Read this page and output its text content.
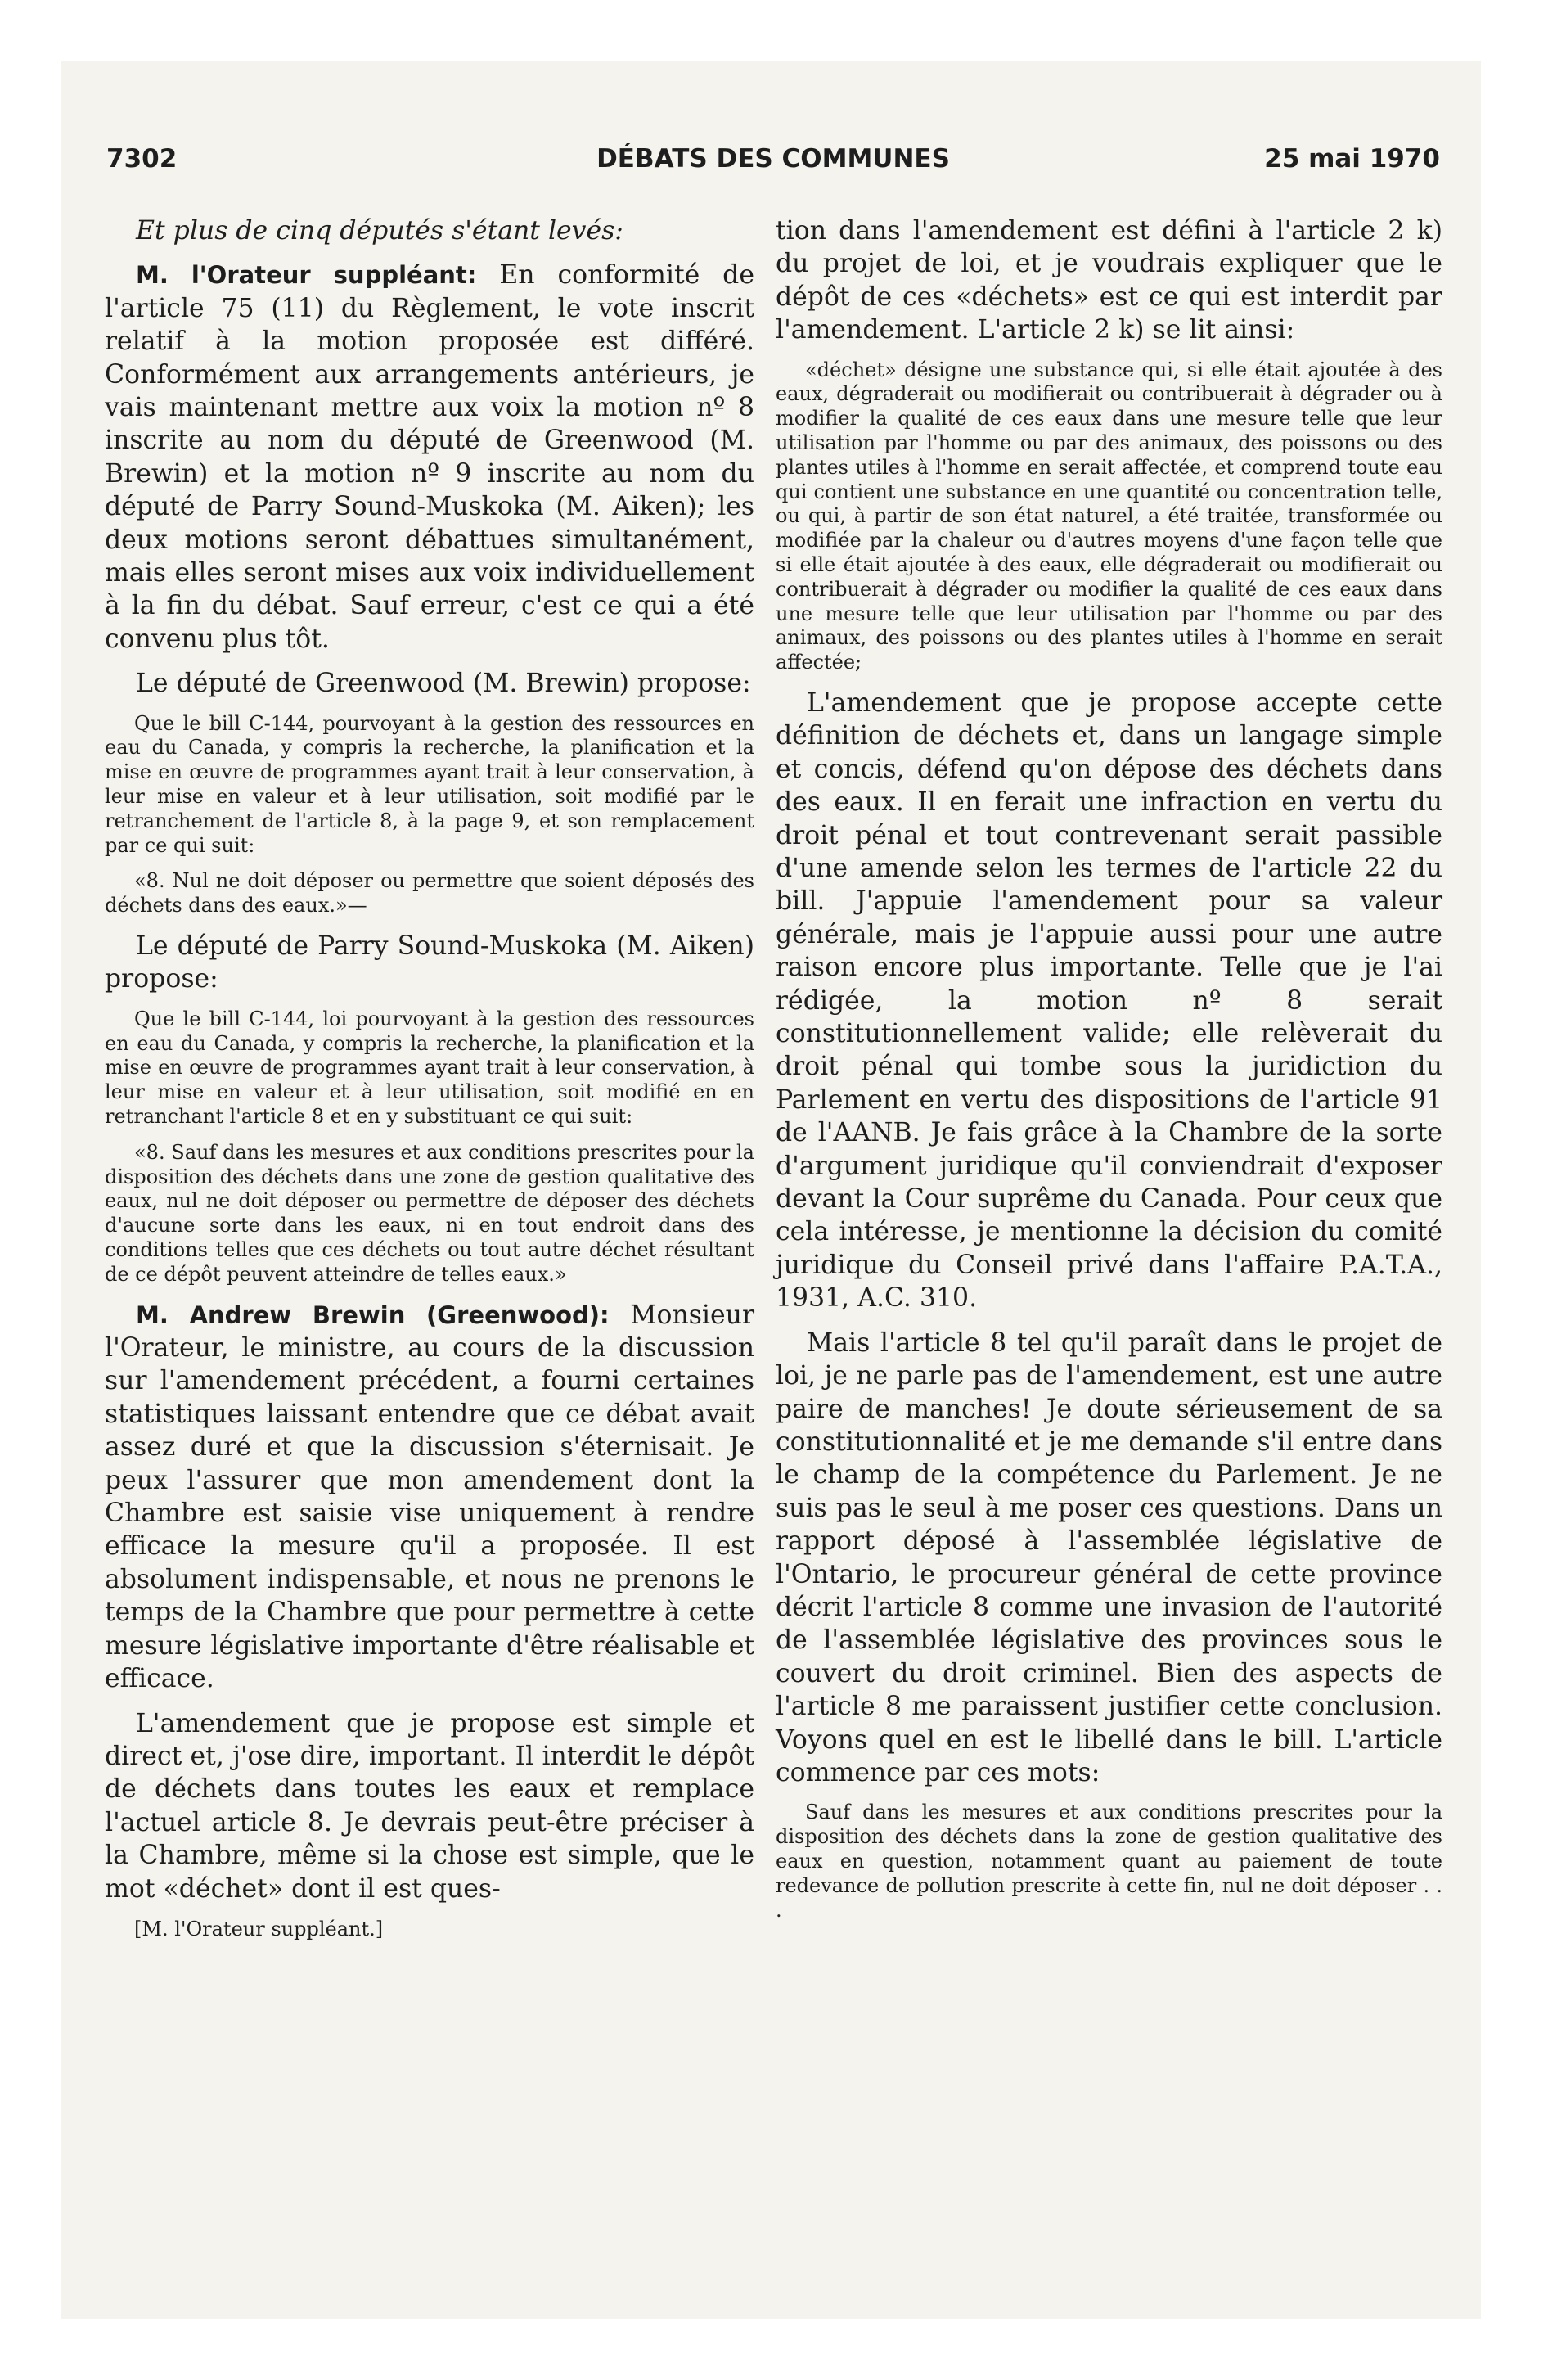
7302	DÉBATS DES COMMUNES	25 mai 1970

Et plus de cinq députés s'étant levés:

M. l'Orateur suppléant: En conformité de l'article 75 (11) du Règlement, le vote inscrit relatif à la motion proposée est différé. Conformément aux arrangements antérieurs, je vais maintenant mettre aux voix la motion nº 8 inscrite au nom du député de Greenwood (M. Brewin) et la motion nº 9 inscrite au nom du député de Parry Sound-Muskoka (M. Aiken); les deux motions seront débattues simultanément, mais elles seront mises aux voix individuellement à la fin du débat. Sauf erreur, c'est ce qui a été convenu plus tôt.

Le député de Greenwood (M. Brewin) propose:

Que le bill C-144, pourvoyant à la gestion des ressources en eau du Canada, y compris la recherche, la planification et la mise en œuvre de programmes ayant trait à leur conservation, à leur mise en valeur et à leur utilisation, soit modifié par le retranchement de l'article 8, à la page 9, et son remplacement par ce qui suit:
«8. Nul ne doit déposer ou permettre que soient déposés des déchets dans des eaux.»—

Le député de Parry Sound-Muskoka (M. Aiken) propose:

Que le bill C-144, loi pourvoyant à la gestion des ressources en eau du Canada, y compris la recherche, la planification et la mise en œuvre de programmes ayant trait à leur conservation, à leur mise en valeur et à leur utilisation, soit modifié en en retranchant l'article 8 et en y substituant ce qui suit:
«8. Sauf dans les mesures et aux conditions prescrites pour la disposition des déchets dans une zone de gestion qualitative des eaux, nul ne doit déposer ou permettre de déposer des déchets d'aucune sorte dans les eaux, ni en tout endroit dans des conditions telles que ces déchets ou tout autre déchet résultant de ce dépôt peuvent atteindre de telles eaux.»

M. Andrew Brewin (Greenwood): Monsieur l'Orateur, le ministre, au cours de la discussion sur l'amendement précédent, a fourni certaines statistiques laissant entendre que ce débat avait assez duré et que la discussion s'éternisait. Je peux l'assurer que mon amendement dont la Chambre est saisie vise uniquement à rendre efficace la mesure qu'il a proposée. Il est absolument indispensable, et nous ne prenons le temps de la Chambre que pour permettre à cette mesure législative importante d'être réalisable et efficace.

L'amendement que je propose est simple et direct et, j'ose dire, important. Il interdit le dépôt de déchets dans toutes les eaux et remplace l'actuel article 8. Je devrais peut-être préciser à la Chambre, même si la chose est simple, que le mot «déchet» dont il est ques-

[M. l'Orateur suppléant.]

tion dans l'amendement est défini à l'article 2 k) du projet de loi, et je voudrais expliquer que le dépôt de ces «déchets» est ce qui est interdit par l'amendement. L'article 2 k) se lit ainsi:

«déchet» désigne une substance qui, si elle était ajoutée à des eaux, dégraderait ou modifierait ou contribuerait à dégrader ou à modifier la qualité de ces eaux dans une mesure telle que leur utilisation par l'homme ou par des animaux, des poissons ou des plantes utiles à l'homme en serait affectée, et comprend toute eau qui contient une substance en une quantité ou concentration telle, ou qui, à partir de son état naturel, a été traitée, transformée ou modifiée par la chaleur ou d'autres moyens d'une façon telle que si elle était ajoutée à des eaux, elle dégraderait ou modifierait ou contribuerait à dégrader ou modifier la qualité de ces eaux dans une mesure telle que leur utilisation par l'homme ou par des animaux, des poissons ou des plantes utiles à l'homme en serait affectée;

L'amendement que je propose accepte cette définition de déchets et, dans un langage simple et concis, défend qu'on dépose des déchets dans des eaux. Il en ferait une infraction en vertu du droit pénal et tout contrevenant serait passible d'une amende selon les termes de l'article 22 du bill. J'appuie l'amendement pour sa valeur générale, mais je l'appuie aussi pour une autre raison encore plus importante. Telle que je l'ai rédigée, la motion nº 8 serait constitutionnellement valide; elle relèverait du droit pénal qui tombe sous la juridiction du Parlement en vertu des dispositions de l'article 91 de l'AANB. Je fais grâce à la Chambre de la sorte d'argument juridique qu'il conviendrait d'exposer devant la Cour suprême du Canada. Pour ceux que cela intéresse, je mentionne la décision du comité juridique du Conseil privé dans l'affaire P.A.T.A., 1931, A.C. 310.

Mais l'article 8 tel qu'il paraît dans le projet de loi, je ne parle pas de l'amendement, est une autre paire de manches! Je doute sérieusement de sa constitutionnalité et je me demande s'il entre dans le champ de la compétence du Parlement. Je ne suis pas le seul à me poser ces questions. Dans un rapport déposé à l'assemblée législative de l'Ontario, le procureur général de cette province décrit l'article 8 comme une invasion de l'autorité de l'assemblée législative des provinces sous le couvert du droit criminel. Bien des aspects de l'article 8 me paraissent justifier cette conclusion. Voyons quel en est le libellé dans le bill. L'article commence par ces mots:

Sauf dans les mesures et aux conditions prescrites pour la disposition des déchets dans la zone de gestion qualitative des eaux en question, notamment quant au paiement de toute redevance de pollution prescrite à cette fin, nul ne doit déposer . . .
